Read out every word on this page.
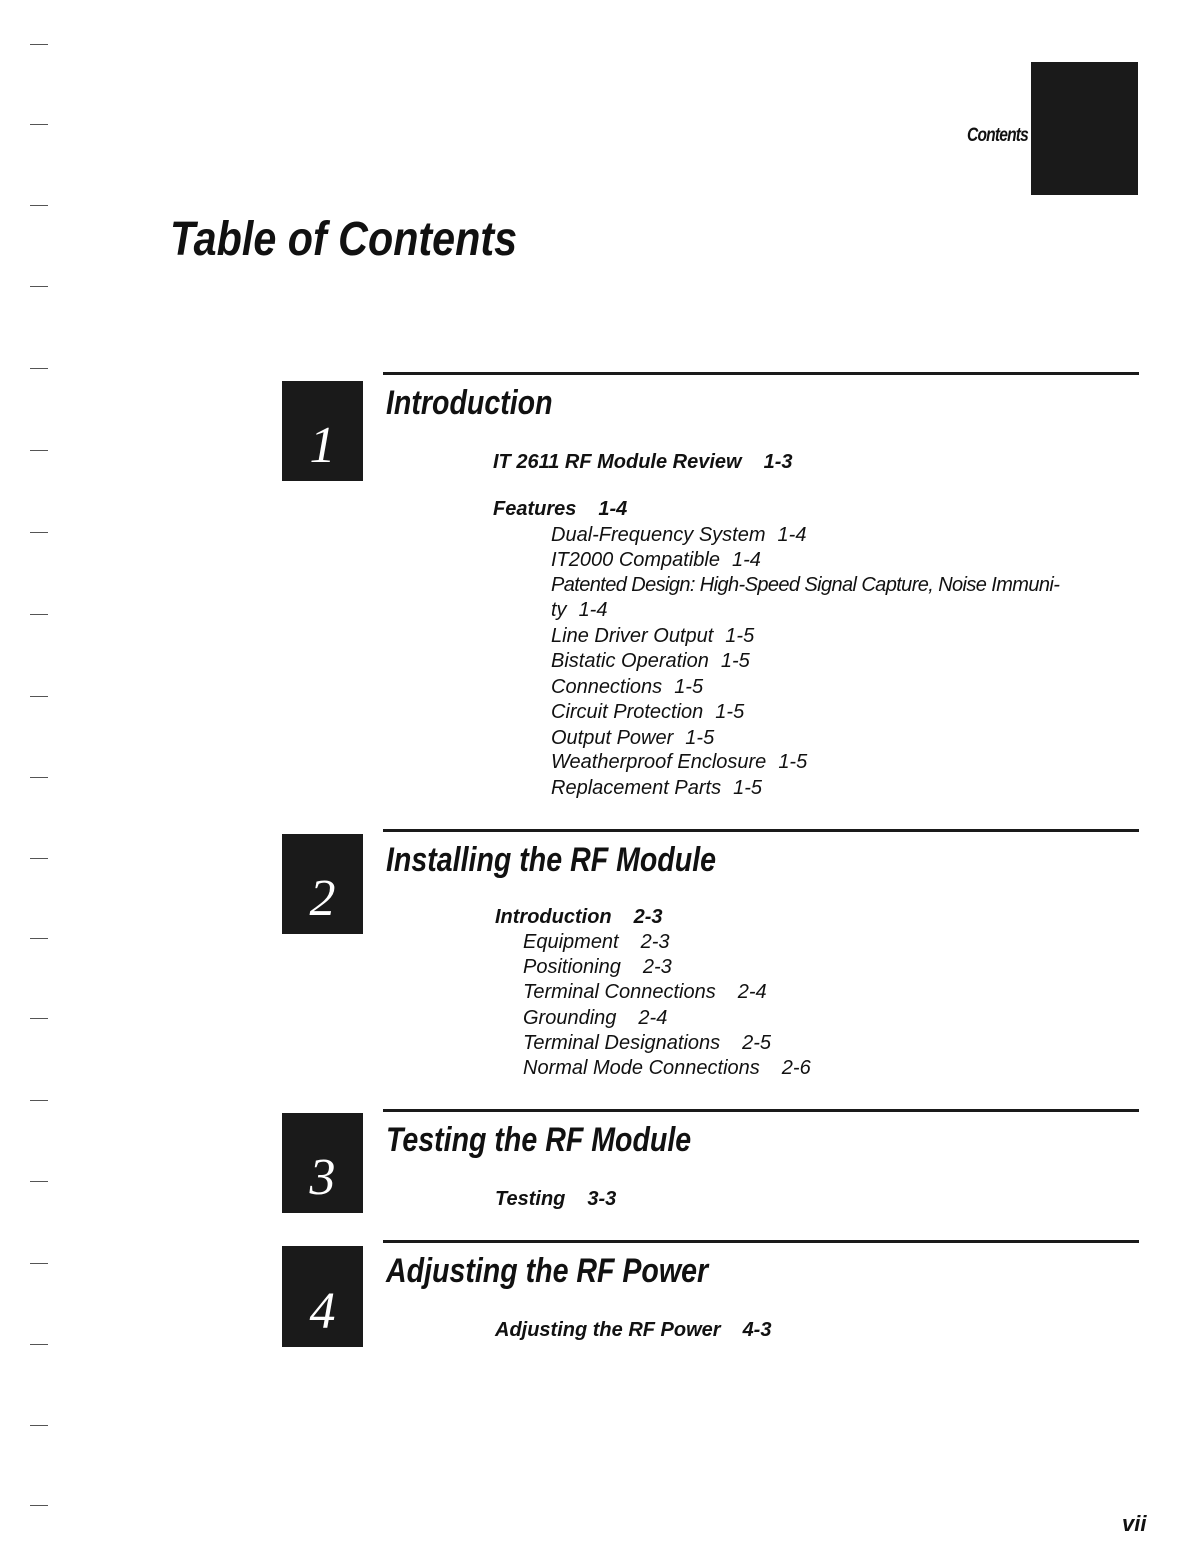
Contents
Table of Contents
1
Introduction
IT 2611 RF Module Review 1-3
Features 1-4
Dual-Frequency System 1-4
IT2000 Compatible 1-4
Patented Design: High-Speed Signal Capture, Noise Immuni-
ty 1-4
Line Driver Output 1-5
Bistatic Operation 1-5
Connections 1-5
Circuit Protection 1-5
Output Power 1-5
Weatherproof Enclosure 1-5
Replacement Parts 1-5
2
Installing the RF Module
Introduction 2-3
Equipment 2-3
Positioning 2-3
Terminal Connections 2-4
Grounding 2-4
Terminal Designations 2-5
Normal Mode Connections 2-6
3
Testing the RF Module
Testing 3-3
4
Adjusting the RF Power
Adjusting the RF Power 4-3
vii
